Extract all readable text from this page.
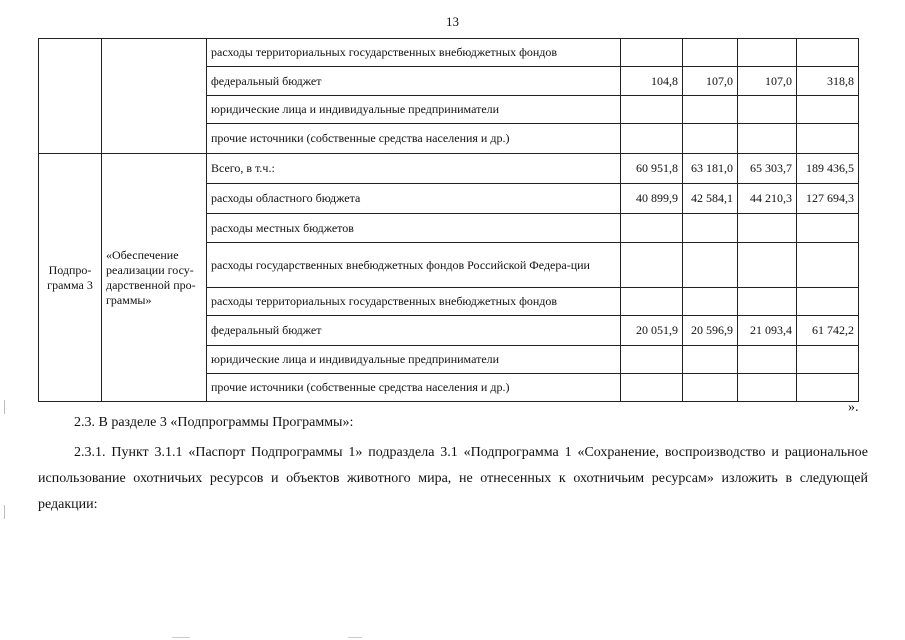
13
		расходы территориальных государственных внебюджетных фондов				
		федеральный бюджет	104,8	107,0	107,0	318,8
		юридические лица и индивидуальные предприниматели				
		прочие источники (собственные средства населения и др.)				
Подпро-грамма 3	«Обеспечение реализации госу-дарственной про-граммы»	Всего, в т.ч.:	60 951,8	63 181,0	65 303,7	189 436,5
		расходы областного бюджета	40 899,9	42 584,1	44 210,3	127 694,3
		расходы местных бюджетов				
		расходы государственных внебюджетных фондов Российской Федера-ции				
		расходы территориальных государственных внебюджетных фондов				
		федеральный бюджет	20 051,9	20 596,9	21 093,4	61 742,2
		юридические лица и индивидуальные предприниматели				
		прочие источники (собственные средства населения и др.)				
».

2.3. В разделе 3 «Подпрограммы Программы»:

2.3.1. Пункт 3.1.1 «Паспорт Подпрограммы 1» подраздела 3.1 «Подпрограмма 1 «Сохранение, воспроизводство и рациональное использование охотничьих ресурсов и объектов животного мира, не отнесенных к охотничьим ресурсам» изложить в следующей редакции:
